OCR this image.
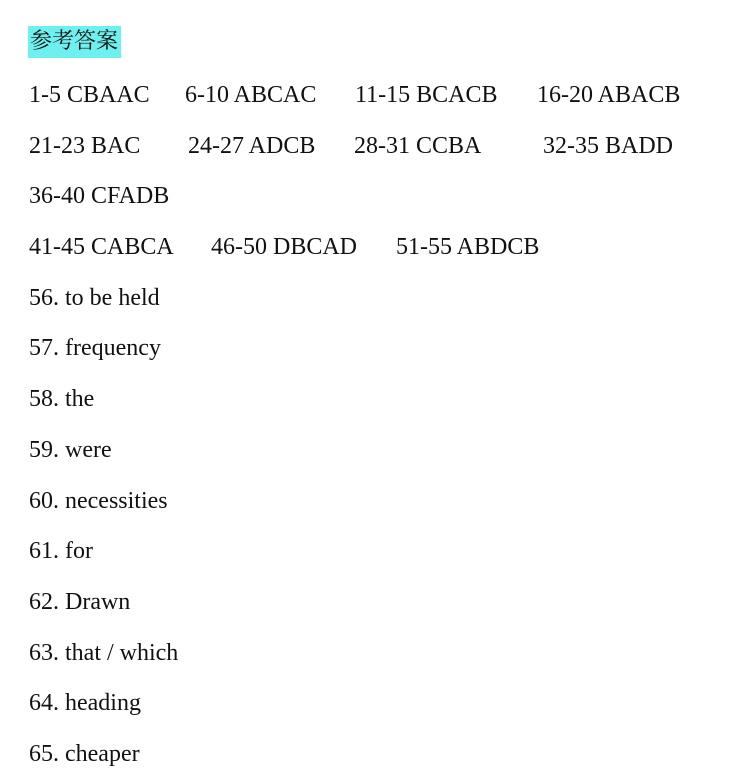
参考答案
1-5 CBAAC 6-10 ABCAC 11-15 BCACB 16-20 ABACB
21-23 BAC 24-27 ADCB 28-31 CCBA	32-35 BADD
36-40 CFADB
41-45 CABCA 46-50 DBCAD 51-55 ABDCB
56. to be held
57. frequency
58. the
59. were
60. necessities
61. for
62. Drawn
63. that / which
64. heading
65. cheaper
